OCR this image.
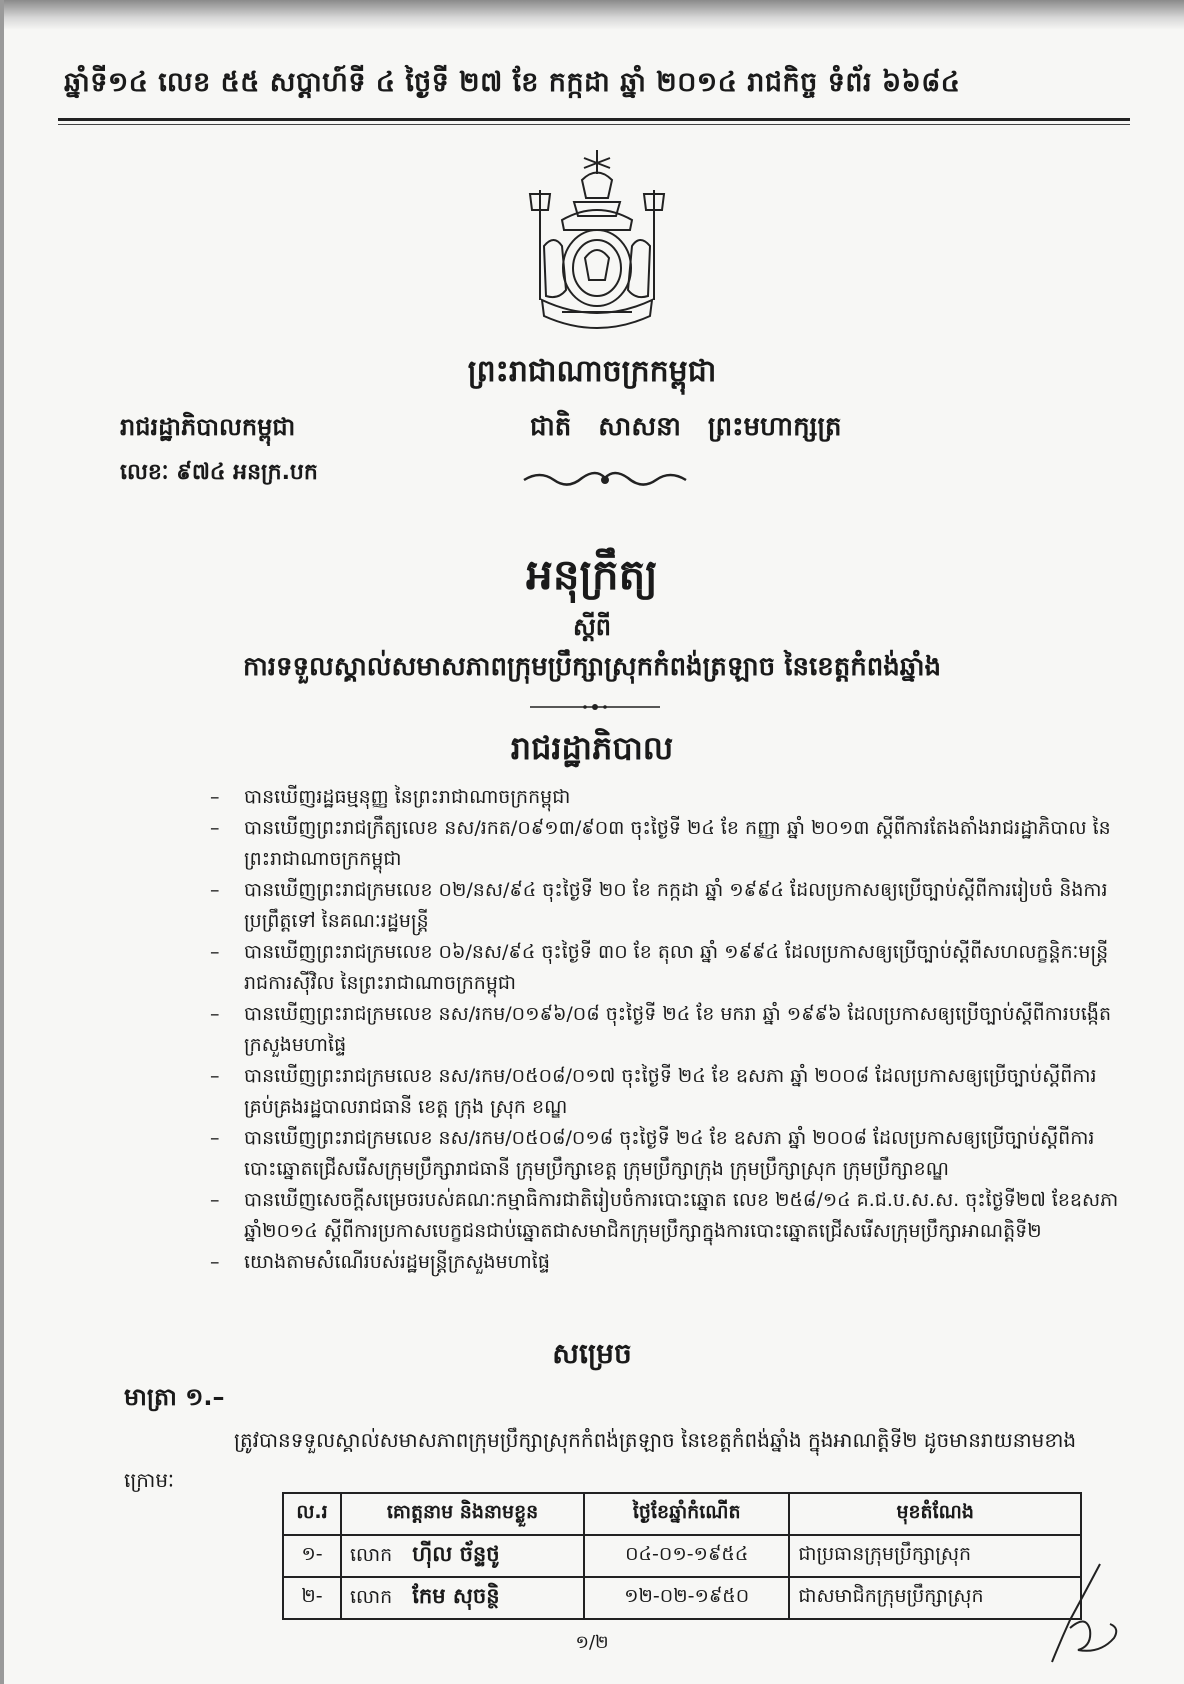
ឆ្នាំទី១៤ លេខ ៥៥ សប្តាហ៍ទី ៤ ថ្ងៃទី ២៧ ខែ កក្កដា ឆ្នាំ ២០១៤ រាជកិច្ច ទំព័រ ៦៦៨៤
ព្រះរាជាណាចក្រកម្ពុជា
រាជរដ្ឋាភិបាលកម្ពុជា	ជាតិ សាសនា ព្រះមហាក្សត្រ
លេខៈ ៩៧៤ អនក្រ.បក
អនុក្រឹត្យ
ស្តីពី
ការទទួលស្គាល់សមាសភាពក្រុមប្រឹក្សាស្រុកកំពង់ត្រឡាច នៃខេត្តកំពង់ឆ្នាំង
រាជរដ្ឋាភិបាល
– បានឃើញរដ្ឋធម្មនុញ្ញ នៃព្រះរាជាណាចក្រកម្ពុជា
– បានឃើញព្រះរាជក្រឹត្យលេខ នស/រកត/០៩១៣/៩០៣ ចុះថ្ងៃទី ២៤ ខែ កញ្ញា ឆ្នាំ ២០១៣ ស្តីពីការតែងតាំងរាជរដ្ឋាភិបាល នៃព្រះរាជាណាចក្រកម្ពុជា
– បានឃើញព្រះរាជក្រមលេខ ០២/នស/៩៤ ចុះថ្ងៃទី ២០ ខែ កក្កដា ឆ្នាំ ១៩៩៤ ដែលប្រកាសឲ្យប្រើច្បាប់ស្តីពីការរៀបចំ និងការប្រព្រឹត្តទៅ នៃគណៈរដ្ឋមន្ត្រី
– បានឃើញព្រះរាជក្រមលេខ ០៦/នស/៩៤ ចុះថ្ងៃទី ៣០ ខែ តុលា ឆ្នាំ ១៩៩៤ ដែលប្រកាសឲ្យប្រើច្បាប់ស្តីពីសហលក្ខន្តិកៈមន្ត្រីរាជការស៊ីវិល នៃព្រះរាជាណាចក្រកម្ពុជា
– បានឃើញព្រះរាជក្រមលេខ នស/រកម/០១៩៦/០៨ ចុះថ្ងៃទី ២៤ ខែ មករា ឆ្នាំ ១៩៩៦ ដែលប្រកាសឲ្យប្រើច្បាប់ស្តីពីការបង្កើតក្រសួងមហាផ្ទៃ
– បានឃើញព្រះរាជក្រមលេខ នស/រកម/០៥០៨/០១៧ ចុះថ្ងៃទី ២៤ ខែ ឧសភា ឆ្នាំ ២០០៨ ដែលប្រកាសឲ្យប្រើច្បាប់ស្តីពីការគ្រប់គ្រងរដ្ឋបាលរាជធានី ខេត្ត ក្រុង ស្រុក ខណ្ឌ
– បានឃើញព្រះរាជក្រមលេខ នស/រកម/០៥០៨/០១៨ ចុះថ្ងៃទី ២៤ ខែ ឧសភា ឆ្នាំ ២០០៨ ដែលប្រកាសឲ្យប្រើច្បាប់ស្តីពីការបោះឆ្នោតជ្រើសរើសក្រុមប្រឹក្សារាជធានី ក្រុមប្រឹក្សាខេត្ត ក្រុមប្រឹក្សាក្រុង ក្រុមប្រឹក្សាស្រុក ក្រុមប្រឹក្សាខណ្ឌ
– បានឃើញសេចក្តីសម្រេចរបស់គណៈកម្មាធិការជាតិរៀបចំការបោះឆ្នោត លេខ ២៥៨/១៤ គ.ជ.ប.ស.ស. ចុះថ្ងៃទី២៧ ខែឧសភា ឆ្នាំ២០១៤ ស្តីពីការប្រកាសបេក្ខជនជាប់ឆ្នោតជាសមាជិកក្រុមប្រឹក្សាក្នុងការបោះឆ្នោតជ្រើសរើសក្រុមប្រឹក្សាអាណត្តិទី២
– យោងតាមសំណើរបស់រដ្ឋមន្ត្រីក្រសួងមហាផ្ទៃ
សម្រេច
មាត្រា ១.–
ត្រូវបានទទួលស្គាល់សមាសភាពក្រុមប្រឹក្សាស្រុកកំពង់ត្រឡាច នៃខេត្តកំពង់ឆ្នាំង ក្នុងអាណត្តិទី២ ដូចមានរាយនាមខាងក្រោមៈ
ល.រ	គោត្តនាម និងនាមខ្លួន	ថ្ងៃខែឆ្នាំកំណើត	មុខតំណែង
១-	លោក ហ៊ីល ច័ន្ទថូ	០៤-០១-១៩៥៤	ជាប្រធានក្រុមប្រឹក្សាស្រុក
២-	លោក កែម សុចន្ថិ	១២-០២-១៩៥០	ជាសមាជិកក្រុមប្រឹក្សាស្រុក
១/២
